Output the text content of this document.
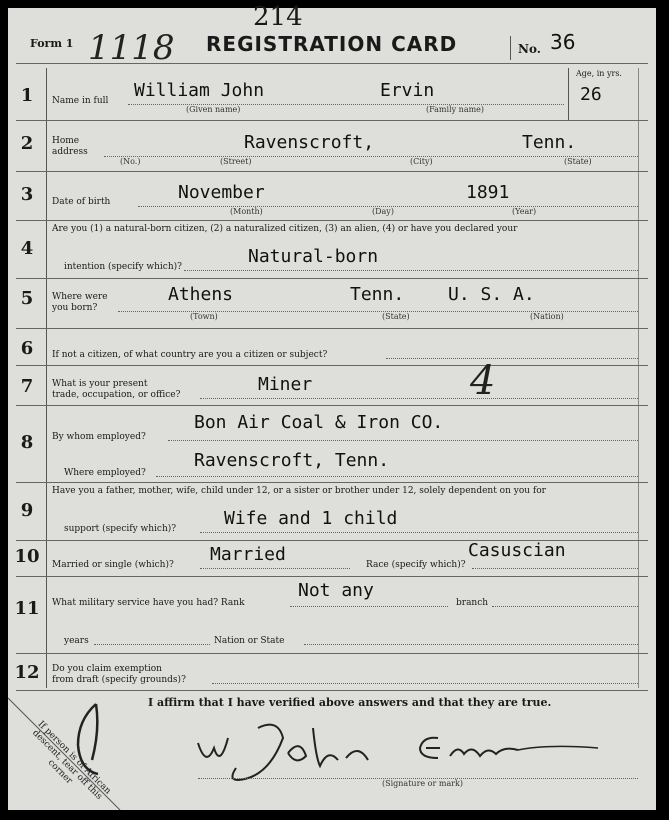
214
Form 1 1118 REGISTRATION CARD	No. 36
1	Name in full William John	Ervin
(Given name)	(Family name)
Age, in yrs.
26
2	Home
address	Ravenscroft,	Tenn.
(No.)	(Street)	(City)	(State)
3	Date of birth	November	1891
(Month)	(Day)	(Year)
4
Are you (1) a natural-born citizen, (2) a naturalized citizen, (3) an alien, (4) or have you declared your
intention (specify which)?	Natural-born
5	Where were
you born?
Athens	Tenn. U. S. A.
(Town)	(State)	(Nation)
6	If not a citizen, of what country are you a citizen or subject?
7	What is your present
trade, occupation, or office?	Miner	4
8	By whom employed?
Bon Air Coal & Iron CO.
Where employed?
Ravenscroft, Tenn.
9
Have you a father, mother, wife, child under 12, or a sister or brother under 12, solely dependent on you for
support (specify which)?	Wife and 1 child
10	Married or single (which)? Married	Race (specify which)?
Casuscian
11	What military service have you had? Rank
Not any
branch
years	Nation or State
12	Do you claim exemption
from draft (specify grounds)?
I affirm that I have verified above answers and that they are true.
(Signature or mark)
If person is of African descent, tear off this corner
